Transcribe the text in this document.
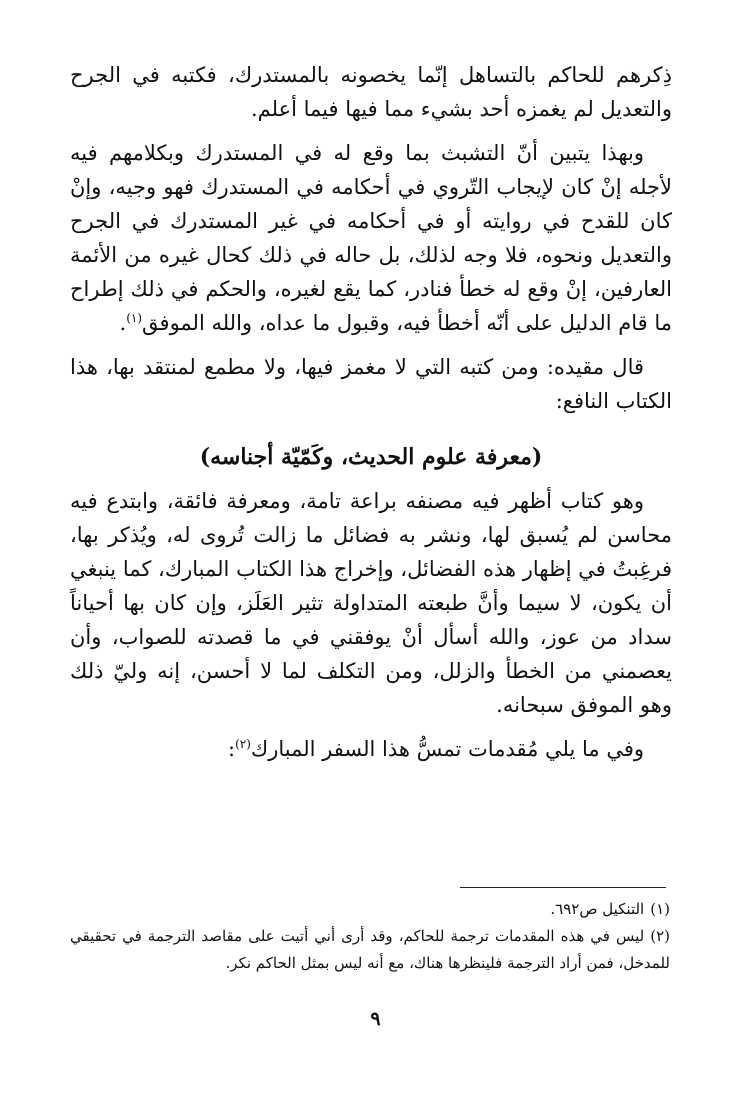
ذِكرهم للحاكم بالتساهل إنّما يخصونه بالمستدرك، فكتبه في الجرح والتعديل لم يغمزه أحد بشيء مما فيها فيما أعلم.

وبهذا يتبين أنّ التشبث بما وقع له في المستدرك وبكلامهم فيه لأجله إنْ كان لإيجاب التّروي في أحكامه في المستدرك فهو وجيه، وإنْ كان للقدح في روايته أو في أحكامه في غير المستدرك في الجرح والتعديل ونحوه، فلا وجه لذلك، بل حاله في ذلك كحال غيره من الأئمة العارفين، إنْ وقع له خطأ فنادر، كما يقع لغيره، والحكم في ذلك إطراح ما قام الدليل على أنّه أخطأ فيه، وقبول ما عداه، والله الموفق$^{(١)}$.

قال مقيده: ومن كتبه التي لا مغمز فيها، ولا مطمع لمنتقد بها، هذا الكتاب النافع:

(معرفة علوم الحديث، وكَمّيّة أجناسه)

وهو كتاب أظهر فيه مصنفه براعة تامة، ومعرفة فائقة، وابتدع فيه محاسن لم يُسبق لها، ونشر به فضائل ما زالت تُروى له، ويُذكر بها، فرغِبتُ في إظهار هذه الفضائل، وإخراج هذا الكتاب المبارك، كما ينبغي أن يكون، لا سيما وأنَّ طبعته المتداولة تثير العَلَز، وإن كان بها أحياناً سداد من عوز، والله أسأل أنْ يوفقني في ما قصدته للصواب، وأن يعصمني من الخطأ والزلل، ومن التكلف لما لا أحسن، إنه وليّ ذلك وهو الموفق سبحانه.

وفي ما يلي مُقدمات تمسُّ هذا السفر المبارك$^{(٢)}$:

(١)التنكيل ص٦٩٢.

(٢)ليس في هذه المقدمات ترجمة للحاكم، وقد أرى أني أتيت على مقاصد الترجمة في تحقيقي للمدخل، فمن أراد الترجمة فلينظرها هناك، مع أنه ليس بمثل الحاكم نكر.

٩
